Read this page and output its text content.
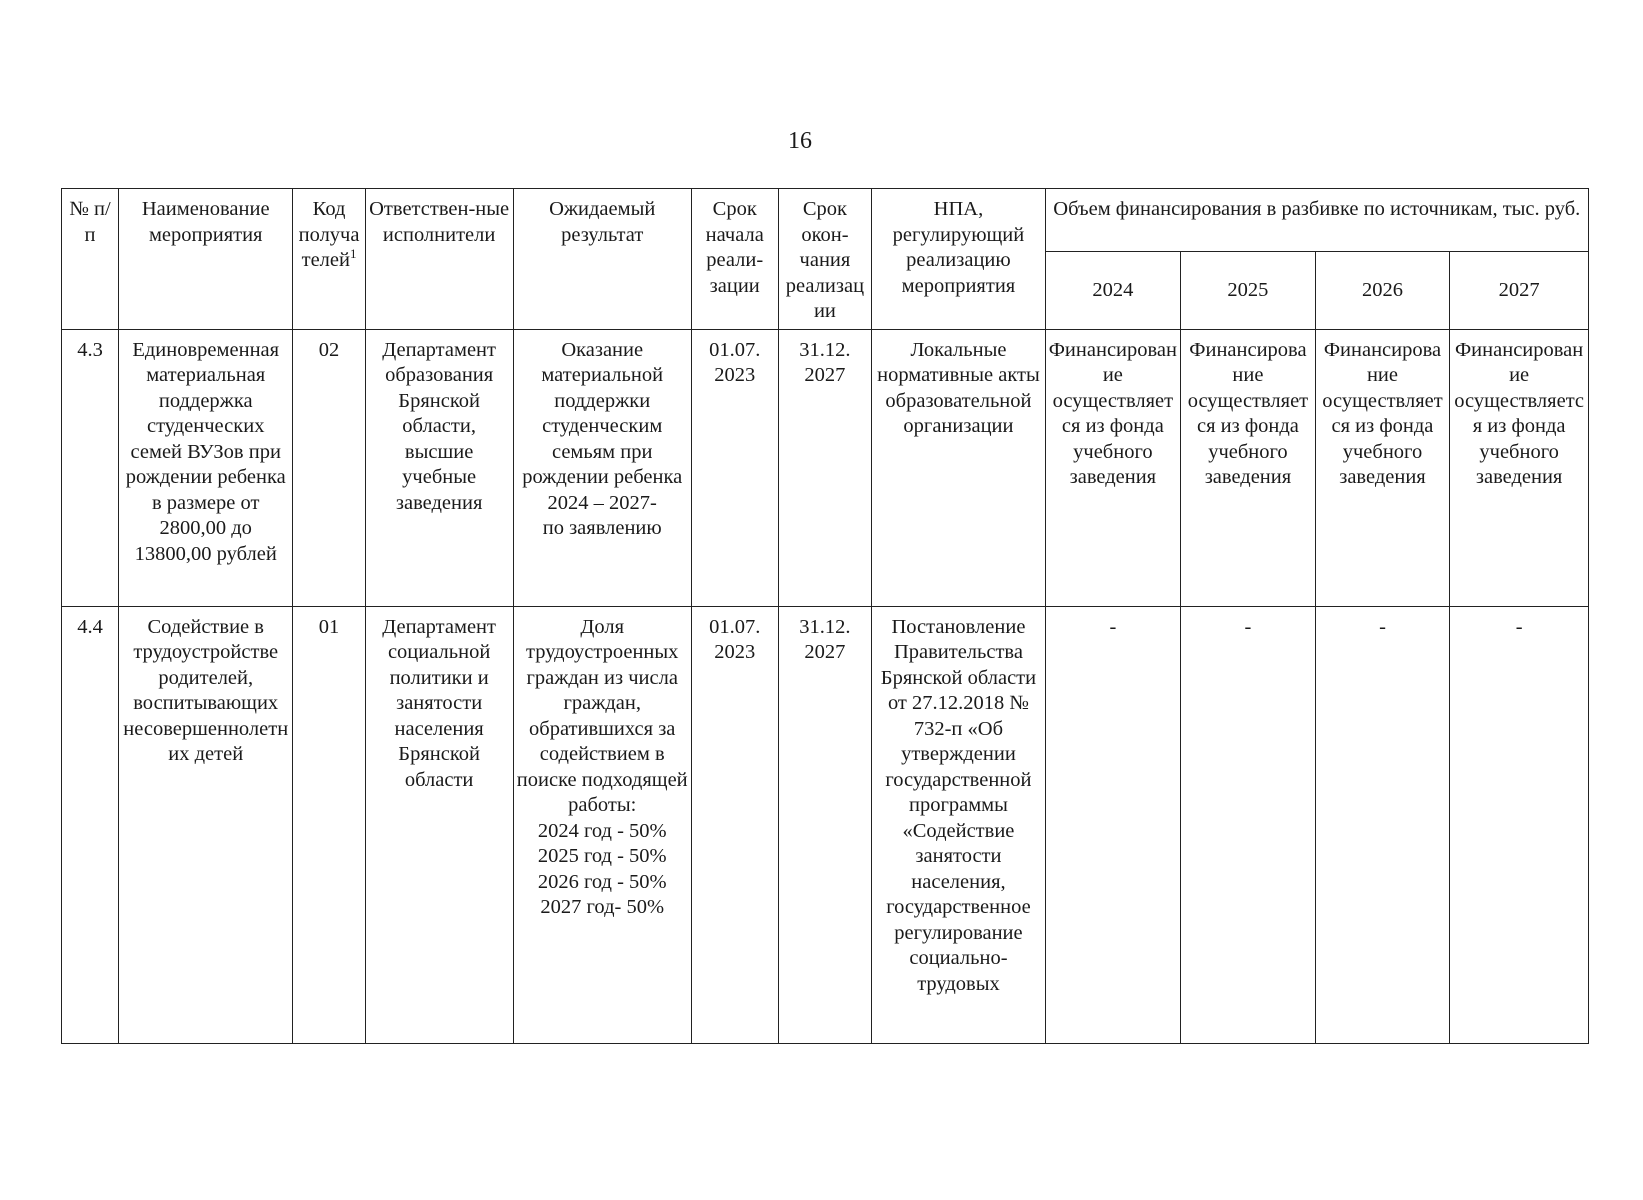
16
№ п/п	Наименование мероприятия	Код получателей$^1$	Ответствен-ные исполнители	Ожидаемый результат	Срок начала реали-зации	Срок окон-чания реализации	НПА, регулирующий реализацию мероприятия	Объем финансирования в разбивке по источникам, тыс. руб.			
								2024	2025	2026	2027
4.3	Единовременная материальная поддержка студенческих семей ВУЗов при рождении ребенка в размере от 2800,00 до 13800,00 рублей	02	Департамент образования Брянской области, высшие учебные заведения	Оказание материальной поддержки студенческим семьям при рождении ребенка
2024 – 2027-
по заявлению	01.07. 2023	31.12. 2027	Локальные нормативные акты образовательной организации	Финансирование осуществляется из фонда учебного заведения	Финансирование осуществляется из фонда учебного заведения	Финансирование осуществляется из фонда учебного заведения	Финансирование осуществляется из фонда учебного заведения
4.4	Содействие в трудоустройстве родителей, воспитывающих несовершеннолетних детей	01	Департамент социальной политики и занятости населения Брянской области	Доля трудоустроенных граждан из числа граждан, обратившихся за содействием в поиске подходящей работы:
2024 год - 50%
2025 год - 50%
2026 год - 50%
2027 год- 50%	01.07. 2023	31.12. 2027	Постановление Правительства Брянской области от 27.12.2018 № 732-п «Об утверждении государственной программы «Содействие занятости населения, государственное регулирование социально-трудовых	-	-	-	-
